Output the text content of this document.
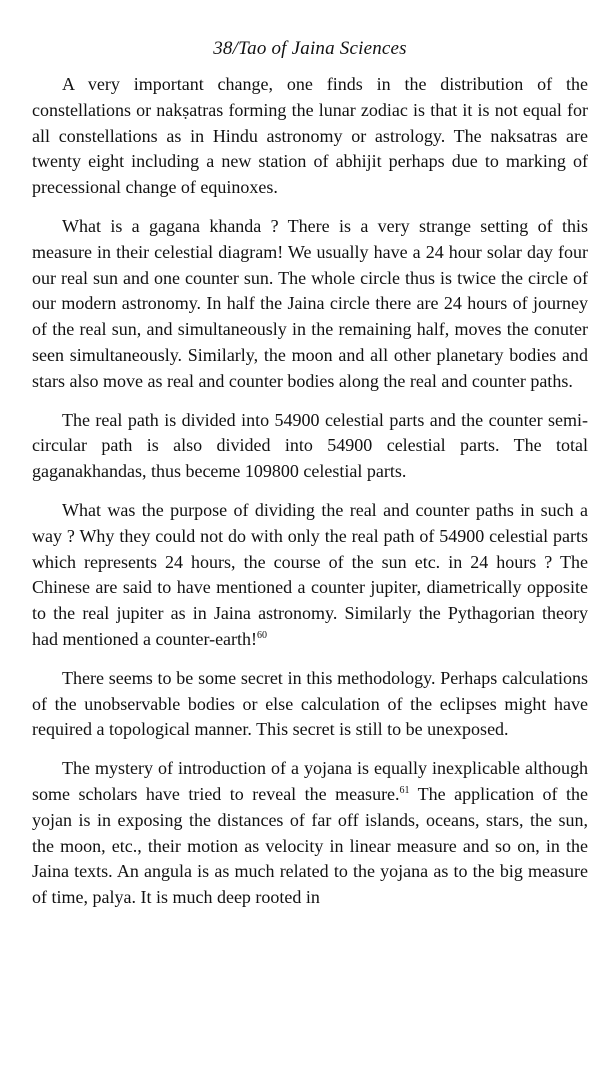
38/Tao of Jaina Sciences

A very important change, one finds in the distribution of the constellations or nakṣatras forming the lunar zodiac is that it is not equal for all constellations as in Hindu astronomy or astrology. The naksatras are twenty eight including a new station of abhijit perhaps due to marking of precessional change of equinoxes.

What is a gagana khanda ? There is a very strange setting of this measure in their celestial diagram! We usually have a 24 hour solar day four our real sun and one counter sun. The whole circle thus is twice the circle of our modern astronomy. In half the Jaina circle there are 24 hours of journey of the real sun, and simultaneously in the remaining half, moves the conuter seen simultaneously. Similarly, the moon and all other planetary bodies and stars also move as real and counter bodies along the real and counter paths.

The real path is divided into 54900 celestial parts and the counter semi-circular path is also divided into 54900 celestial parts. The total gaganakhandas, thus beceme 109800 celestial parts.

What was the purpose of dividing the real and counter paths in such a way ? Why they could not do with only the real path of 54900 celestial parts which represents 24 hours, the course of the sun etc. in 24 hours ? The Chinese are said to have mentioned a counter jupiter, diametrically opposite to the real jupiter as in Jaina astronomy. Similarly the Pythagorian theory had mentioned a counter-earth!$^{60}$

There seems to be some secret in this methodology. Perhaps calculations of the unobservable bodies or else calculation of the eclipses might have required a topological manner. This secret is still to be unexposed.

The mystery of introduction of a yojana is equally inexplicable although some scholars have tried to reveal the measure.$^{61}$ The application of the yojan is in exposing the distances of far off islands, oceans, stars, the sun, the moon, etc., their motion as velocity in linear measure and so on, in the Jaina texts. An angula is as much related to the yojana as to the big measure of time, palya. It is much deep rooted in
